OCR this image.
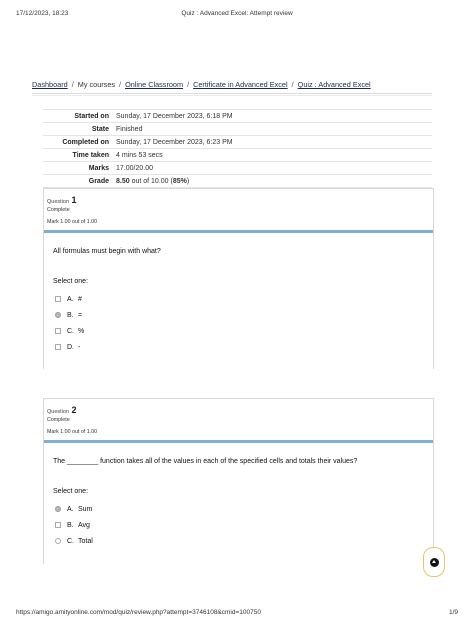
17/12/2023, 18:23	Quiz : Advanced Excel: Attempt review
Dashboard / My courses / Online Classroom / Certificate in Advanced Excel / Quiz : Advanced Excel
Started on	Sunday, 17 December 2023, 6:18 PM
State	Finished
Completed on	Sunday, 17 December 2023, 6:23 PM
Time taken	4 mins 53 secs
Marks	17.00/20.00
Grade	8.50 out of 10.00 (85%)
Question 1
Complete
Mark 1.00 out of 1.00
All formulas must begin with what?
Select one:
A. #
B. =
C. %
D. -
Question 2
Complete
Mark 1.00 out of 1.00
The ________ function takes all of the values in each of the specified cells and totals their values?
Select one:
A. Sum
B. Avg
C. Total
https://amigo.amityonline.com/mod/quiz/review.php?attempt=3746108&cmid=100750	1/9
